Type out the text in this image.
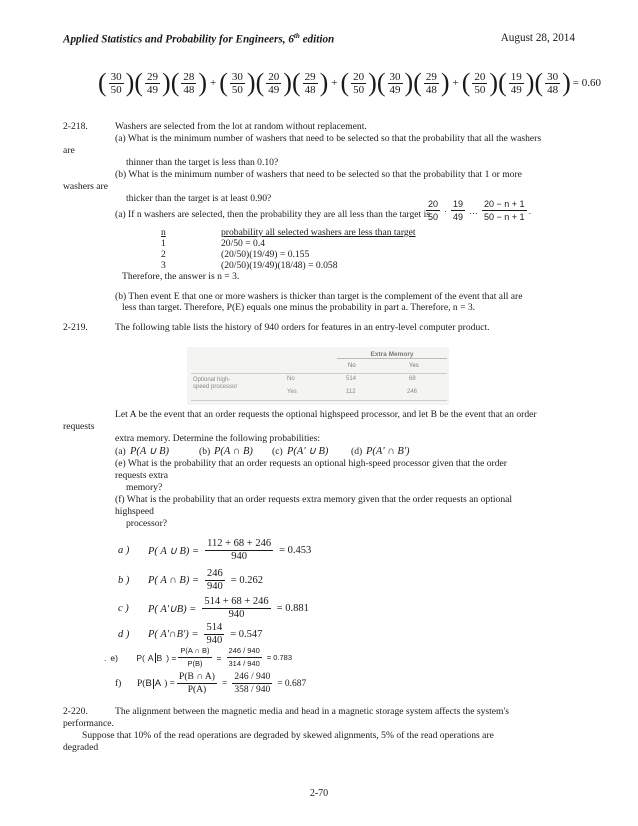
Applied Statistics and Probability for Engineers, 6th edition	August 28, 2014
( $\frac{30}{50}$ ) ( $\frac{29}{49}$ ) ( $\frac{28}{48}$ ) + ( $\frac{30}{50}$ ) ( $\frac{20}{49}$ ) ( $\frac{29}{48}$ ) + ( $\frac{20}{50}$ ) ( $\frac{30}{49}$ ) ( $\frac{29}{48}$ ) + ( $\frac{20}{50}$ ) ( $\frac{19}{49}$ ) ( $\frac{30}{48}$ ) = 0.60
2-218.	Washers are selected from the lot at random without replacement.
(a) What is the minimum number of washers that need to be selected so that the probability that all the washers
are
thinner than the target is less than 0.10?
(b) What is the minimum number of washers that need to be selected so that the probability that 1 or more
washers are
thicker than the target is at least 0.90?
(a) If n washers are selected, then the probability they are all less than the target is
$\frac{20}{50} \cdot \frac{19}{49}$ … $\frac{20 - n + 1}{50 - n + 1}$ .
n	probability all selected washers are less than target
1	20/50 = 0.4
2	(20/50)(19/49) = 0.155
3	(20/50)(19/49)(18/48) = 0.058
Therefore, the answer is n = 3.
(b) Then event E that one or more washers is thicker than target is the complement of the event that all are
less than target. Therefore, P(E) equals one minus the probability in part a. Therefore, n = 3.
2-219.	The following table lists the history of 940 orders for features in an entry-level computer product.
Extra Memory
No	Yes
Optional high-
speed processor
No	514	68
Yes	112	246
Let A be the event that an order requests the optional highspeed processor, and let B be the event that an order
requests
extra memory. Determine the following probabilities:
(a) P(A ∪ B)	(b) P(A ∩ B)	(c) P(A' ∪ B)	(d) P(A' ∩ B')
(e) What is the probability that an order requests an optional high-speed processor given that the order
requests extra
memory?
(f) What is the probability that an order requests extra memory given that the order requests an optional
highspeed
processor?
a )	P( A ∪ $B) = \frac{112 + 68 + 246}{940} = 0.453$
b )	P( A ∩ $B) = \frac{246}{940} = 0.262$
c )	P( A'∪B) = $\frac{514 + 68 + 246}{940} = 0.881$
d )	P( A'∩B') = $\frac{514}{940} = 0.547$
. e)	P( A B ) = $\frac{P(A \cap B)}{P(B)} = \frac{246 / 940}{314 / 940} = 0.783$
f)	P( B A ) = $\frac{P(B \cap A)}{P(A)} = \frac{246 / 940}{358 / 940} = 0.687$
2-220.	The alignment between the magnetic media and head in a magnetic storage system affects the system's
performance.
Suppose that 10% of the read operations are degraded by skewed alignments, 5% of the read operations are
degraded
2-70
